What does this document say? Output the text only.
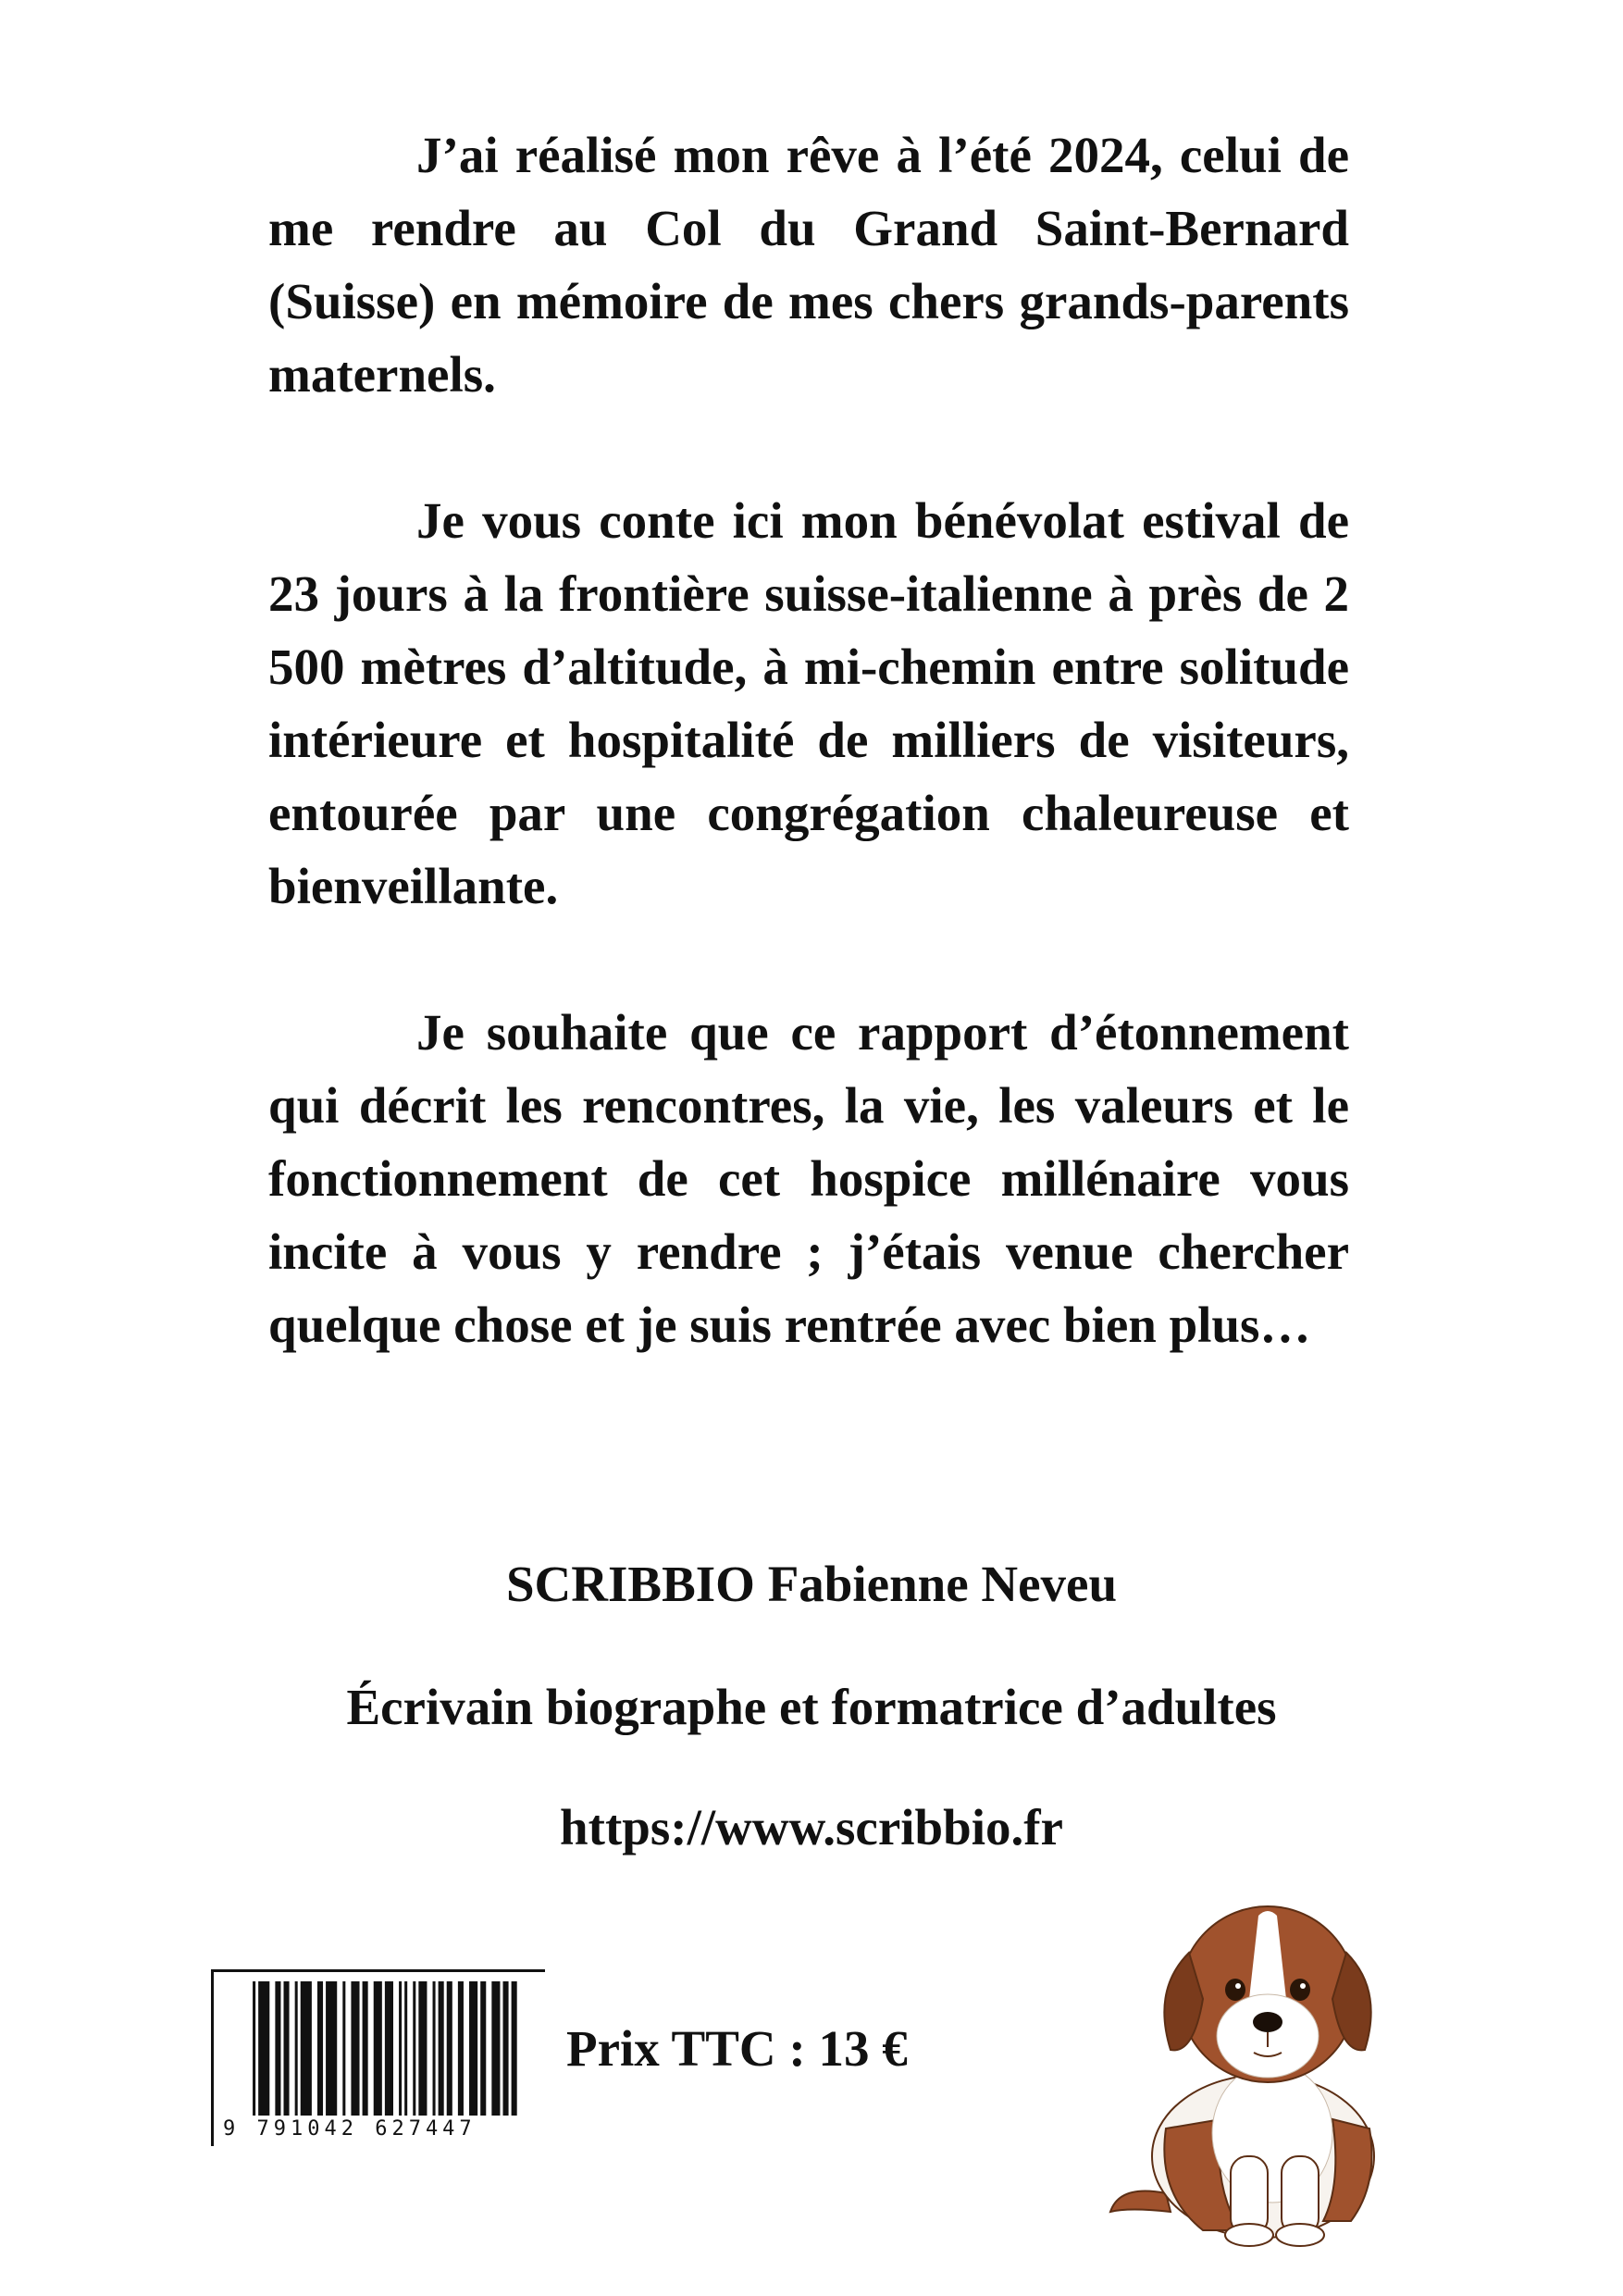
J’ai réalisé mon rêve à l’été 2024, celui de me rendre au Col du Grand Saint-Bernard (Suisse) en mémoire de mes chers grands-parents maternels.

Je vous conte ici mon bénévolat estival de 23 jours à la frontière suisse-italienne à près de 2 500 mètres d’altitude, à mi-chemin entre solitude intérieure et hospitalité de milliers de visiteurs, entourée par une congrégation chaleureuse et bienveillante.

Je souhaite que ce rapport d’étonnement qui décrit les rencontres, la vie, les valeurs et le fonctionnement de cet hospice millénaire vous incite à vous y rendre ; j’étais venue chercher quelque chose et je suis rentrée avec bien plus…

SCRIBBIO Fabienne Neveu
Écrivain biographe et formatrice d’adultes
https://www.scribbio.fr
9 791042 627447
Prix TTC : 13 €
